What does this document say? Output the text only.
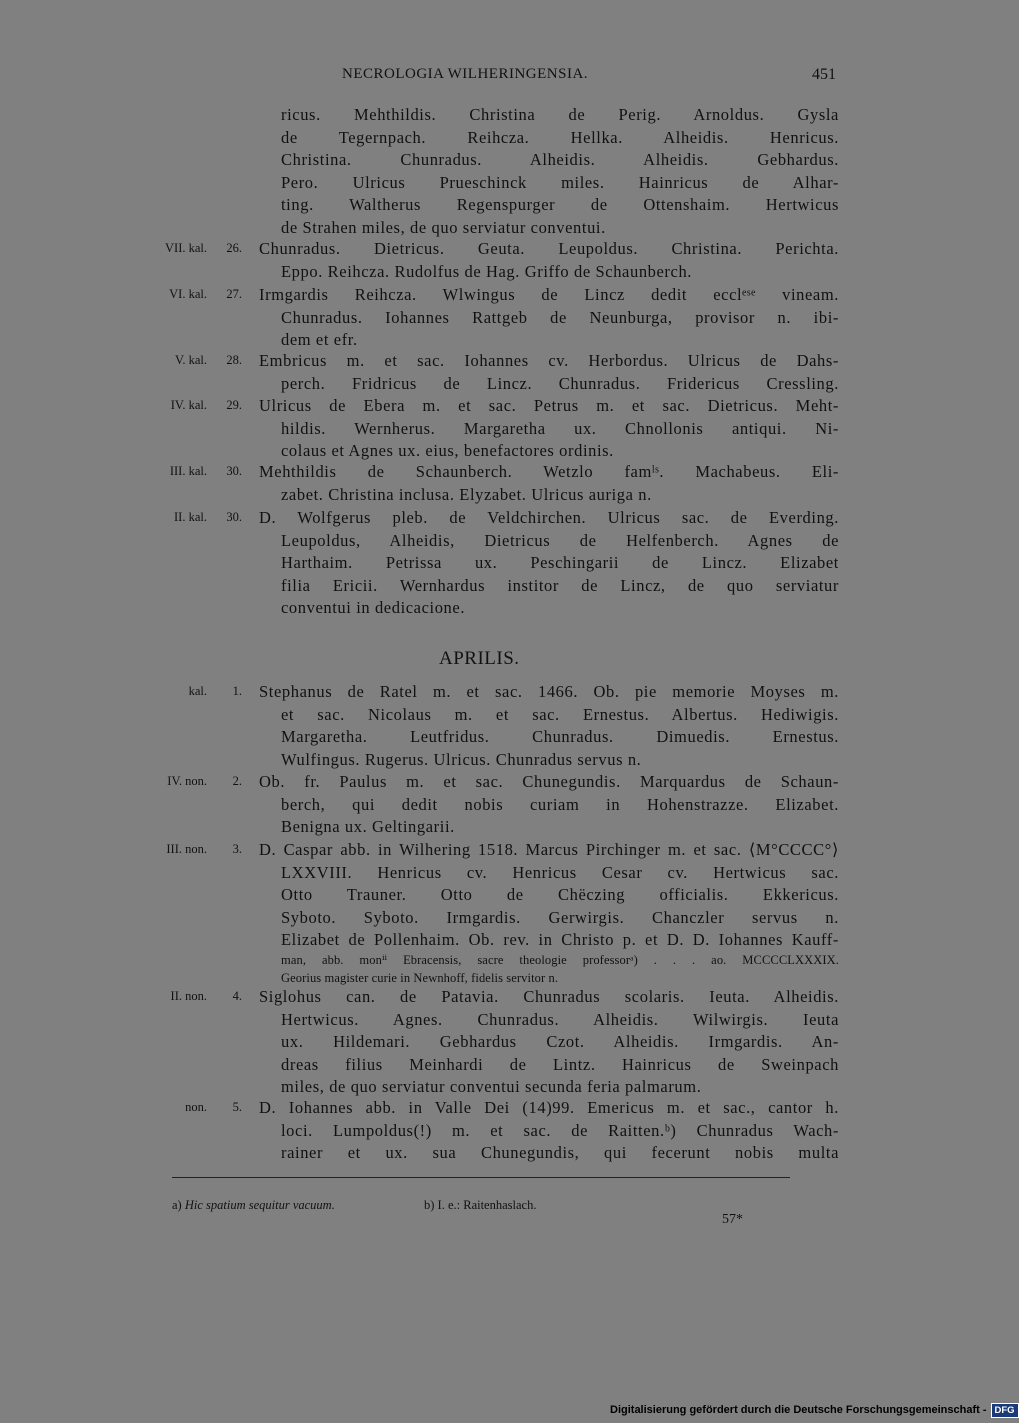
NECROLOGIA WILHERINGENSIA.	451
ricus. Mehthildis. Christina de Perig. Arnoldus. Gysla
de Tegernpach. Reihcza. Hellka. Alheidis. Henricus.
Christina. Chunradus. Alheidis. Alheidis. Gebhardus.
Pero. Ulricus Prueschinck miles. Hainricus de Alhar-
ting. Waltherus Regenspurger de Ottenshaim. Hertwicus
de Strahen miles, de quo serviatur conventui.
VII. kal. 26. Chunradus. Dietricus. Geuta. Leupoldus. Christina. Perichta.
Eppo. Reihcza. Rudolfus de Hag. Griffo de Schaunberch.
VI. kal. 27. Irmgardis Reihcza. Wlwingus de Lincz dedit ecclᵉˢᵉ vineam.
Chunradus. Iohannes Rattgeb de Neunburga, provisor n. ibi-
dem et efr.
V. kal. 28. Embricus m. et sac. Iohannes cv. Herbordus. Ulricus de Dahs-
perch. Fridricus de Lincz. Chunradus. Fridericus Cressling.
IV. kal. 29. Ulricus de Ebera m. et sac. Petrus m. et sac. Dietricus. Meht-
hildis. Wernherus. Margaretha ux. Chnollonis antiqui. Ni-
colaus et Agnes ux. eius, benefactores ordinis.
III. kal. 30. Mehthildis de Schaunberch. Wetzlo famˡˢ. Machabeus. Eli-
zabet. Christina inclusa. Elyzabet. Ulricus auriga n.
II. kal. 30. D. Wolfgerus pleb. de Veldchirchen. Ulricus sac. de Everding.
Leupoldus, Alheidis, Dietricus de Helfenberch. Agnes de
Harthaim. Petrissa ux. Peschingarii de Lincz. Elizabet
filia Ericii. Wernhardus institor de Lincz, de quo serviatur
conventui in dedicacione.
APRILIS.
kal. 1. Stephanus de Ratel m. et sac. 1466. Ob. pie memorie Moyses m.
et sac. Nicolaus m. et sac. Ernestus. Albertus. Hediwigis.
Margaretha. Leutfridus. Chunradus. Dimuedis. Ernestus.
Wulfingus. Rugerus. Ulricus. Chunradus servus n.
IV. non. 2. Ob. fr. Paulus m. et sac. Chunegundis. Marquardus de Schaun-
berch, qui dedit nobis curiam in Hohenstrazze. Elizabet.
Benigna ux. Geltingarii.
III. non. 3. D. Caspar abb. in Wilhering 1518. Marcus Pirchinger m. et sac. ⟨M°CCCC°⟩
LXXVIII. Henricus cv. Henricus Cesar cv. Hertwicus sac.
Otto Trauner. Otto de Chëczing officialis. Ekkericus.
Syboto. Syboto. Irmgardis. Gerwirgis. Chanczler servus n.
Elizabet de Pollenhaim. Ob. rev. in Christo p. et D. D. Iohannes Kauff-
man, abb. monⁱⁱ Ebracensis, sacre theologie professorᵃ) . . . ao. MCCCCLXXXIX.
Georius magister curie in Newnhoff, fidelis servitor n.
II. non. 4. Siglohus can. de Patavia. Chunradus scolaris. Ieuta. Alheidis.
Hertwicus. Agnes. Chunradus. Alheidis. Wilwirgis. Ieuta
ux. Hildemari. Gebhardus Czot. Alheidis. Irmgardis. An-
dreas filius Meinhardi de Lintz. Hainricus de Sweinpach
miles, de quo serviatur conventui secunda feria palmarum.
non. 5. D. Iohannes abb. in Valle Dei (14)99. Emericus m. et sac., cantor h.
loci. Lumpoldus(!) m. et sac. de Raitten.ᵇ) Chunradus Wach-
rainer et ux. sua Chunegundis, qui fecerunt nobis multa
a) Hic spatium sequitur vacuum.	b) I. e.: Raitenhaslach.
57*
Digitalisierung gefördert durch die Deutsche Forschungsgemeinschaft - DFG
